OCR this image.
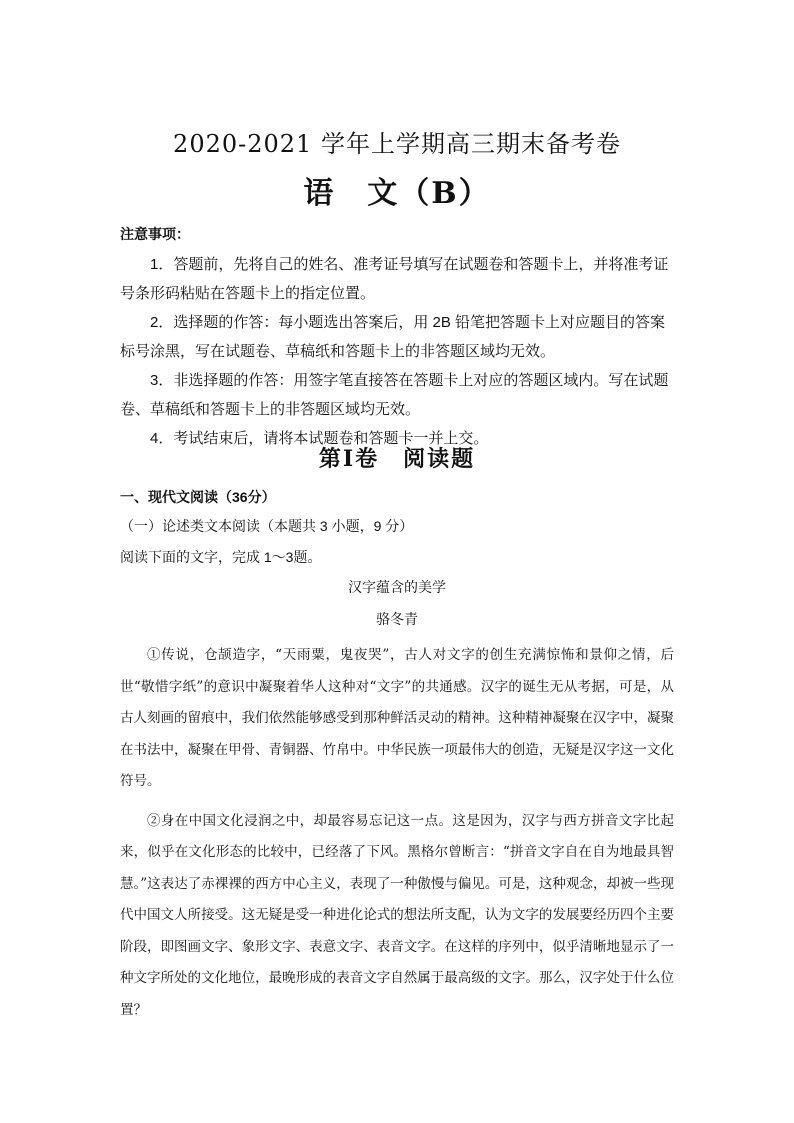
2020-2021 学年上学期高三期末备考卷
语　文（B）
注意事项：

1．答题前，先将自己的姓名、准考证号填写在试题卷和答题卡上，并将准考证号条形码粘贴在答题卡上的指定位置。

2．选择题的作答：每小题选出答案后，用 2B 铅笔把答题卡上对应题目的答案标号涂黑，写在试题卷、草稿纸和答题卡上的非答题区域均无效。

3．非选择题的作答：用签字笔直接答在答题卡上对应的答题区域内。写在试题卷、草稿纸和答题卡上的非答题区域均无效。

4．考试结束后，请将本试题卷和答题卡一并上交。

第Ⅰ卷　阅读题
一、现代文阅读（36分）
（一）论述类文本阅读（本题共 3 小题，9 分）
阅读下面的文字，完成 1～3题。
汉字蕴含的美学
骆冬青

①传说，仓颉造字，“天雨粟，鬼夜哭”，古人对文字的创生充满惊怖和景仰之情，后世“敬惜字纸”的意识中凝聚着华人这种对“文字”的共通感。汉字的诞生无从考据，可是，从古人刻画的留痕中，我们依然能够感受到那种鲜活灵动的精神。这种精神凝聚在汉字中，凝聚在书法中，凝聚在甲骨、青铜器、竹帛中。中华民族一项最伟大的创造，无疑是汉字这一文化符号。

②身在中国文化浸润之中，却最容易忘记这一点。这是因为，汉字与西方拼音文字比起来，似乎在文化形态的比较中，已经落了下风。黑格尔曾断言：“拼音文字自在自为地最具智慧。”这表达了赤裸裸的西方中心主义，表现了一种傲慢与偏见。可是，这种观念，却被一些现代中国文人所接受。这无疑是受一种进化论式的想法所支配，认为文字的发展要经历四个主要阶段，即图画文字、象形文字、表意文字、表音文字。在这样的序列中，似乎清晰地显示了一种文字所处的文化地位，最晚形成的表音文字自然属于最高级的文字。那么，汉字处于什么位置？
